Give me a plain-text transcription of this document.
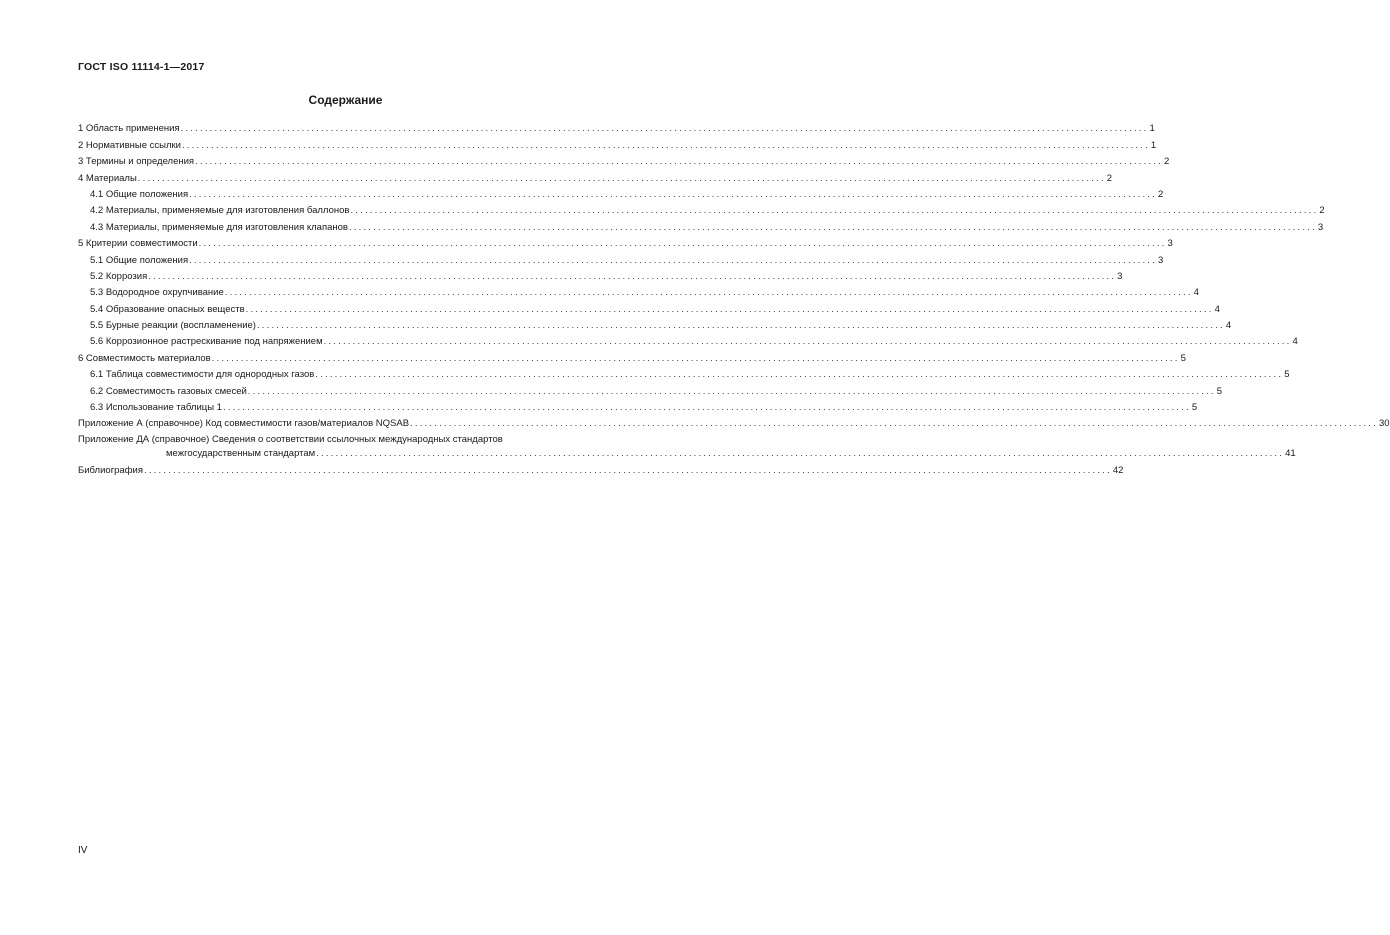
ГОСТ ISO 11114-1—2017
Содержание
1 Область применения ........................................................................................................................................................................................................ 1
2 Нормативные ссылки ........................................................................................................................................................................................................ 1
3 Термины и определения ........................................................................................................................................................................................................ 2
4 Материалы ........................................................................................................................................................................................................ 2
4.1 Общие положения ........................................................................................................................................................................................................ 2
4.2 Материалы, применяемые для изготовления баллонов ........................................................................................................................................................................................................ 2
4.3 Материалы, применяемые для изготовления клапанов ........................................................................................................................................................................................................ 3
5 Критерии совместимости ........................................................................................................................................................................................................ 3
5.1 Общие положения ........................................................................................................................................................................................................ 3
5.2 Коррозия ........................................................................................................................................................................................................ 3
5.3 Водородное охрупчивание ........................................................................................................................................................................................................ 4
5.4 Образование опасных веществ ........................................................................................................................................................................................................ 4
5.5 Бурные реакции (воспламенение) ........................................................................................................................................................................................................ 4
5.6 Коррозионное растрескивание под напряжением ........................................................................................................................................................................................................ 4
6 Совместимость материалов ........................................................................................................................................................................................................ 5
6.1 Таблица совместимости для однородных газов ........................................................................................................................................................................................................ 5
6.2 Совместимость газовых смесей ........................................................................................................................................................................................................ 5
6.3 Использование таблицы 1 ........................................................................................................................................................................................................ 5
Приложение А (справочное) Код совместимости газов/материалов NQSAB ........................................................................................................................................................................................................ 30
Приложение ДА (справочное) Сведения о соответствии ссылочных международных стандартов
межгосударственным стандартам ........................................................................................................................................................................................................ 41
Библиография ........................................................................................................................................................................................................ 42
IV
